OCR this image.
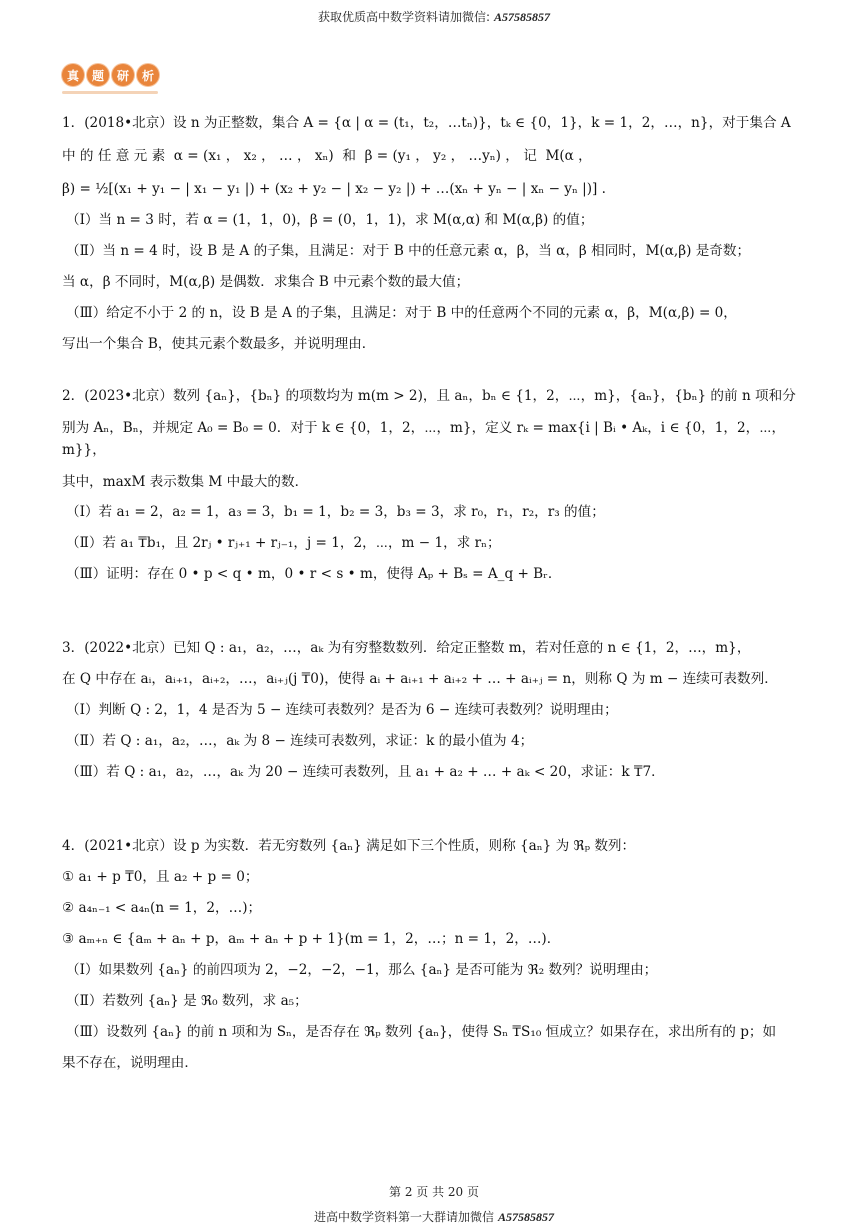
获取优质高中数学资料请加微信: A57585857
真	题	研	析

1．(2018•北京）设 n 为正整数，集合 A = {α | α = (t₁，t₂，…tₙ)}，tₖ ∈ {0，1}，k = 1，2，…，n}，对于集合 A

中 的 任 意 元 素  α = (x₁ ， x₂ ， … ， xₙ)  和  β = (y₁ ， y₂ ， …yₙ) ， 记  M(α ，

β) = ½[(x₁ + y₁ − | x₁ − y₁ |) + (x₂ + y₂ − | x₂ − y₂ |) + …(xₙ + yₙ − | xₙ − yₙ |)] .

（Ⅰ）当 n = 3 时，若 α = (1，1，0)，β = (0，1，1)，求 M(α,α) 和 M(α,β) 的值；

（Ⅱ）当 n = 4 时，设 B 是 A 的子集，且满足：对于 B 中的任意元素 α，β，当 α，β 相同时，M(α,β) 是奇数；

当 α，β 不同时，M(α,β) 是偶数．求集合 B 中元素个数的最大值；

（Ⅲ）给定不小于 2 的 n，设 B 是 A 的子集，且满足：对于 B 中的任意两个不同的元素 α，β，M(α,β) = 0，

写出一个集合 B，使其元素个数最多，并说明理由．

2．(2023•北京）数列 {aₙ}，{bₙ} 的项数均为 m(m > 2)，且 aₙ，bₙ ∈ {1，2，⋯，m}，{aₙ}，{bₙ} 的前 n 项和分

别为 Aₙ，Bₙ，并规定 A₀ = B₀ = 0．对于 k ∈ {0，1，2，⋯，m}，定义 rₖ = max{i | Bᵢ • Aₖ，i ∈ {0，1，2，⋯，m}}，

其中，maxM 表示数集 M 中最大的数．

（Ⅰ）若 a₁ = 2，a₂ = 1，a₃ = 3，b₁ = 1，b₂ = 3，b₃ = 3，求 r₀，r₁，r₂，r₃ 的值；

（Ⅱ）若 a₁ ₸b₁，且 2rⱼ • rⱼ₊₁ + rⱼ₋₁，j = 1，2，⋯，m − 1，求 rₙ；

（Ⅲ）证明：存在 0 • p < q • m，0 • r < s • m，使得 Aₚ + Bₛ = A_q + Bᵣ．

3．(2022•北京）已知 Q : a₁，a₂，…，aₖ 为有穷整数数列．给定正整数 m，若对任意的 n ∈ {1，2，…，m}，

在 Q 中存在 aᵢ，aᵢ₊₁，aᵢ₊₂，…，aᵢ₊ⱼ(j ₸0)，使得 aᵢ + aᵢ₊₁ + aᵢ₊₂ + … + aᵢ₊ⱼ = n，则称 Q 为 m − 连续可表数列．

（Ⅰ）判断 Q : 2，1，4 是否为 5 − 连续可表数列？是否为 6 − 连续可表数列？说明理由；

（Ⅱ）若 Q : a₁，a₂，…，aₖ 为 8 − 连续可表数列，求证：k 的最小值为 4；

（Ⅲ）若 Q : a₁，a₂，…，aₖ 为 20 − 连续可表数列，且 a₁ + a₂ + … + aₖ < 20，求证：k ₸7．

4．(2021•北京）设 p 为实数．若无穷数列 {aₙ} 满足如下三个性质，则称 {aₙ} 为 ℜₚ 数列：

① a₁ + p ₸0，且 a₂ + p = 0；

② a₄ₙ₋₁ < a₄ₙ(n = 1，2，…)；

③ aₘ₊ₙ ∈ {aₘ + aₙ + p，aₘ + aₙ + p + 1}(m = 1，2，…；n = 1，2，…)．

（Ⅰ）如果数列 {aₙ} 的前四项为 2，−2，−2，−1，那么 {aₙ} 是否可能为 ℜ₂ 数列？说明理由；

（Ⅱ）若数列 {aₙ} 是 ℜ₀ 数列，求 a₅；

（Ⅲ）设数列 {aₙ} 的前 n 项和为 Sₙ，是否存在 ℜₚ 数列 {aₙ}，使得 Sₙ ₸S₁₀ 恒成立？如果存在，求出所有的 p；如

果不存在，说明理由．

第 2 页 共 20 页
进高中数学资料第一大群请加微信 A57585857
